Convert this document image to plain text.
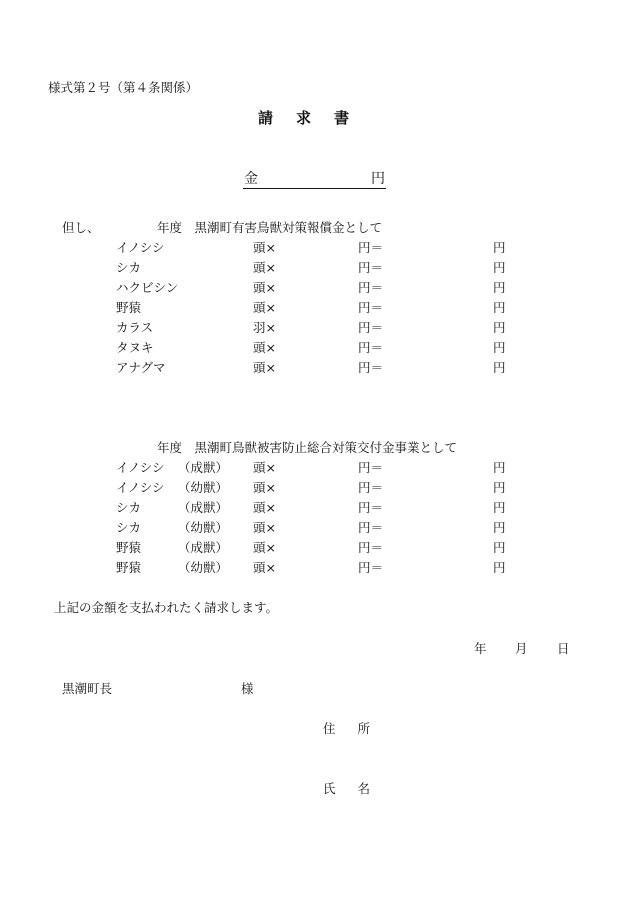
様式第２号（第４条関係）
請求書
金	円
但し、	年度　黒潮町有害鳥獣対策報償金として
イノシシ	頭×	円＝	円
シカ	頭×	円＝	円
ハクビシン	頭×	円＝	円
野猿	頭×	円＝	円
カラス	羽×	円＝	円
タヌキ	頭×	円＝	円
アナグマ	頭×	円＝	円
年度　黒潮町鳥獣被害防止総合対策交付金事業として
イノシシ （成獣） 頭×	円＝	円
イノシシ （幼獣） 頭×	円＝	円
シカ	（成獣） 頭×	円＝	円
シカ	（幼獣） 頭×	円＝	円
野猿	（成獣） 頭×	円＝	円
野猿	（幼獣） 頭×	円＝	円
上記の金額を支払われたく請求します。
年 月 日
黒潮町長	様
住所
氏名
